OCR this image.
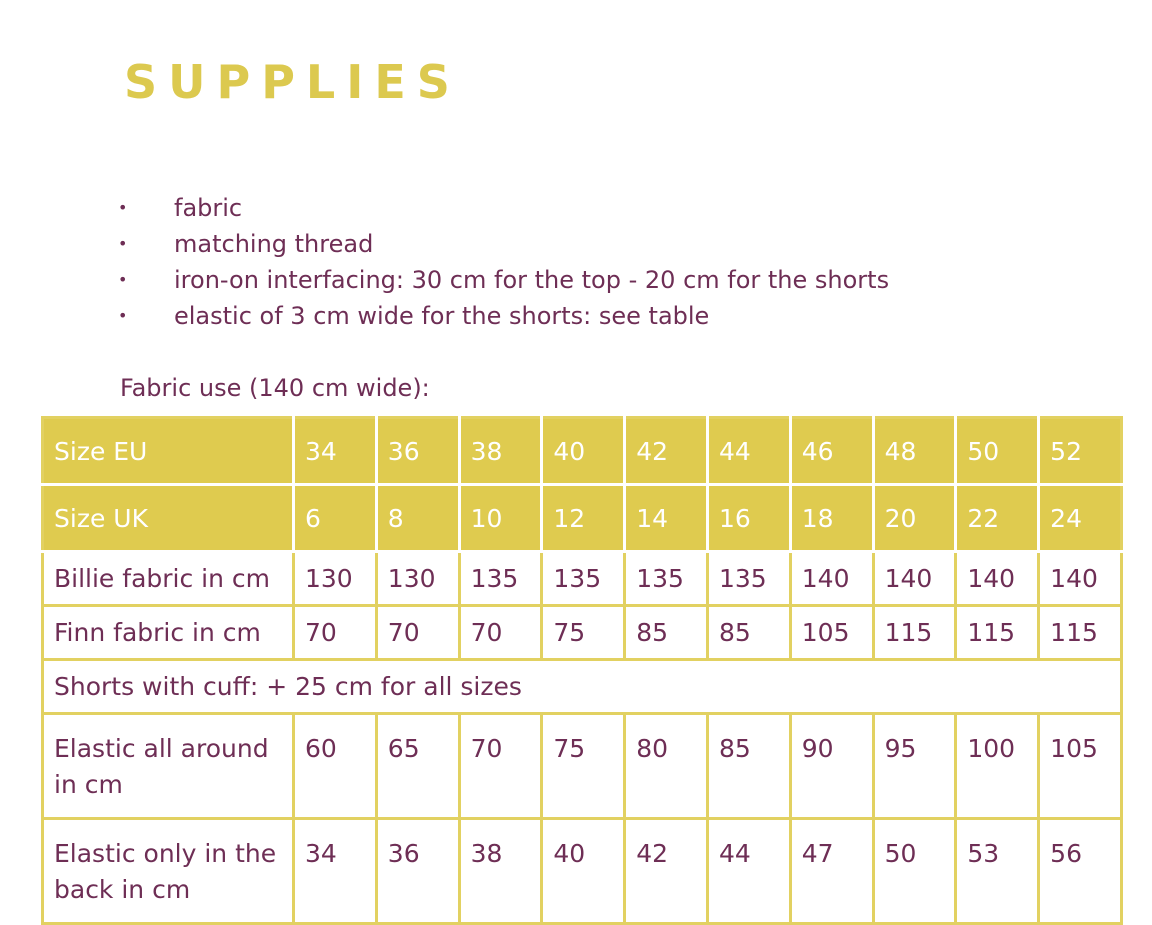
SUPPLIES
• fabric
• matching thread
• iron-on interfacing: 30 cm for the top - 20 cm for the shorts
• elastic of 3 cm wide for the shorts: see table

Fabric use (140 cm wide):

Size EU	34	36	38	40	42	44	46	48	50	52
Size UK	6	8	10	12	14	16	18	20	22	24
Billie fabric in cm	130	130	135	135	135	135	140	140	140	140
Finn fabric in cm	70	70	70	75	85	85	105	115	115	115
Shorts with cuff: + 25 cm for all sizes										
Elastic all around in cm	60	65	70	75	80	85	90	95	100	105
Elastic only in the back in cm	34	36	38	40	42	44	47	50	53	56
